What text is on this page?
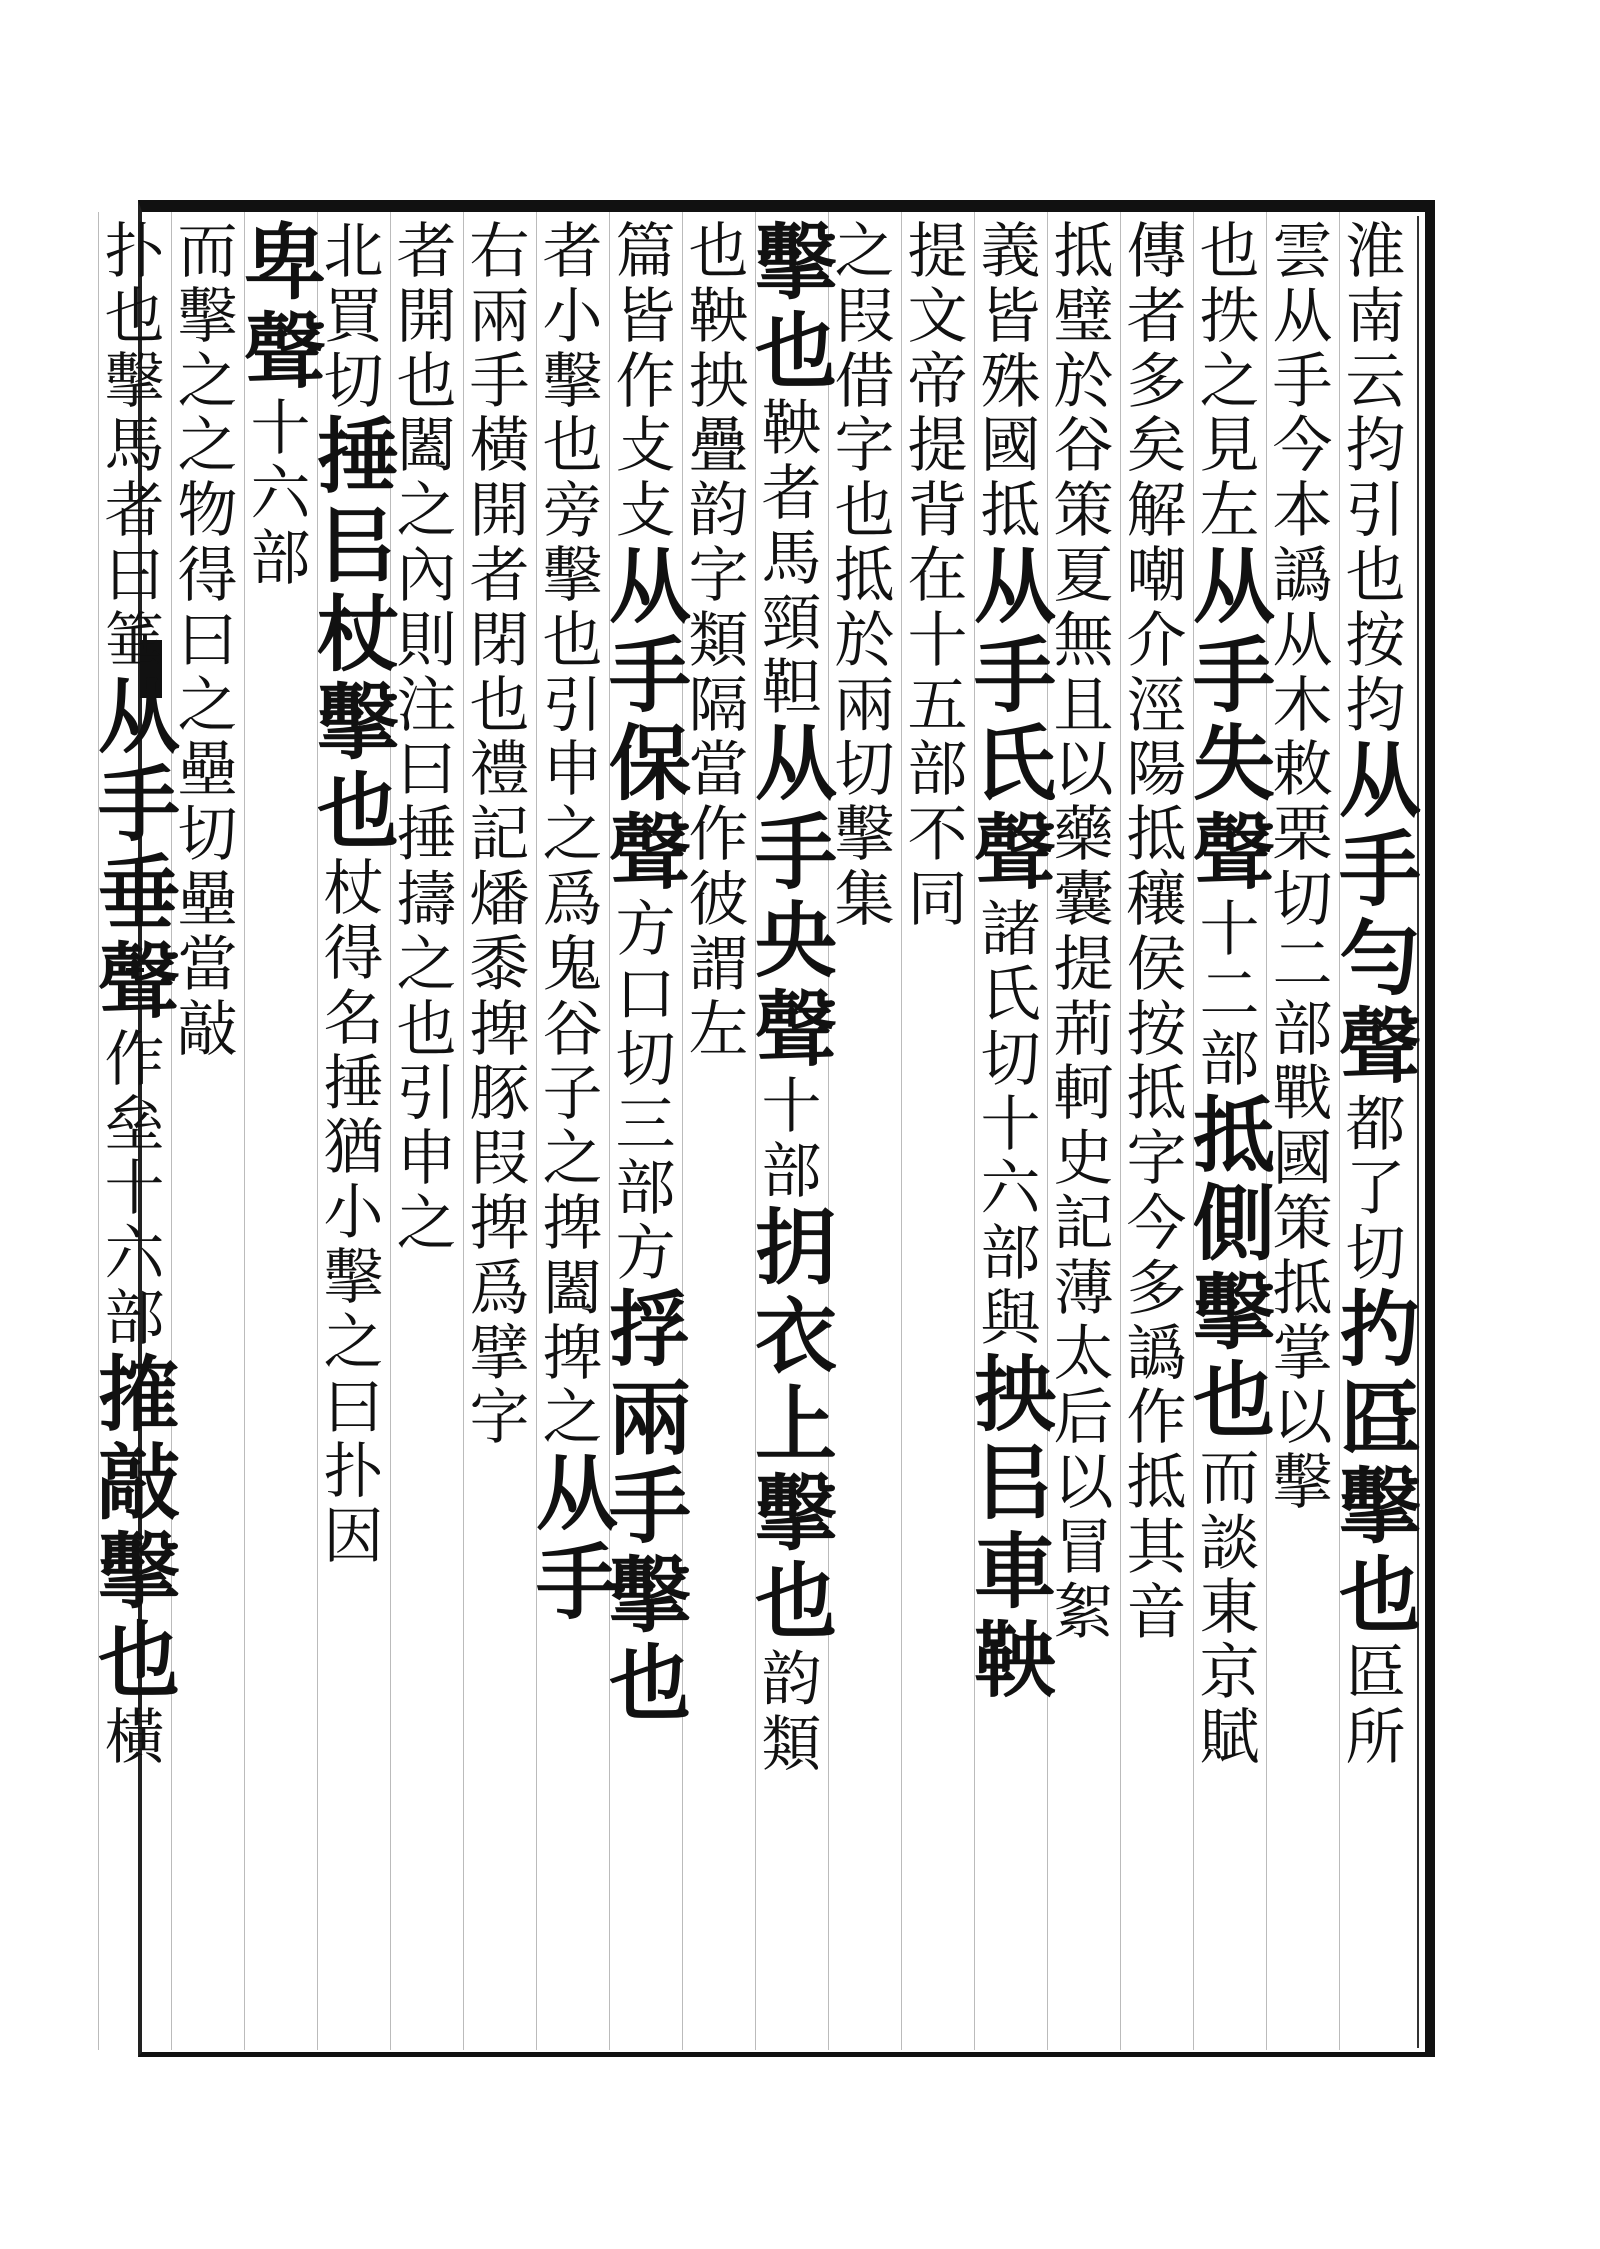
淮
南
云
抣
引
也
按
抣
从
手
勻
聲
都
了
切
扚
㔯
擊
也
㔯
所
雲
从
手
今
本
譌
从
木
敕
栗
切
二
部
戰
國
策
抵
掌
以
擊
也
抶
之
見
左
从
手
失
聲
十
二
部
抵
側
擊
也
而
談
東
京
賦
傳
者
多
矣
解
嘲
介
涇
陽
抵
穰
侯
按
抵
字
今
多
譌
作
抵
其
音
抵
璧
於
谷
策
夏
無
且
以
藥
囊
提
荊
軻
史
記
薄
太
后
以
冒
絮
義
皆
殊
國
抵
从
手
氏
聲
諸
氏
切
十
六
部
與
抰
㠯
車
鞅
提
文
帝
提
背
在
十
五
部
不
同
之
叚
借
字
也
抵
於
兩
切
擊
集
擊
也
鞅
者
馬
頸
靼
从
手
央
聲
十
部
抈
衣
上
擊
也
韵
類
也
鞅
抰
疊
韵
字
類
隔
當
作
彼
謂
左
篇
皆
作
攴
攴
从
手
保
聲
方
口
切
三
部
方
捊
兩
手
擊
也
者
小
擊
也
旁
擊
也
引
申
之
爲
鬼
谷
子
之
捭
闔
捭
之
从
手
右
兩
手
橫
開
者
閉
也
禮
記
燔
黍
捭
豚
叚
捭
爲
擘
字
者
開
也
闔
之
內
則
注
曰
捶
擣
之
也
引
申
之
北
買
切
捶
㠯
杖
擊
也
杖
得
名
捶
猶
小
擊
之
曰
扑
因
卑
聲
十
六
部
而
擊
之
之
物
得
曰
之
壘
切
壘
當
敲
扑
也
擊
馬
者
曰
箠
从
手
垂
聲
作
垒
十
六
部
搉
敲
擊
也
橫
